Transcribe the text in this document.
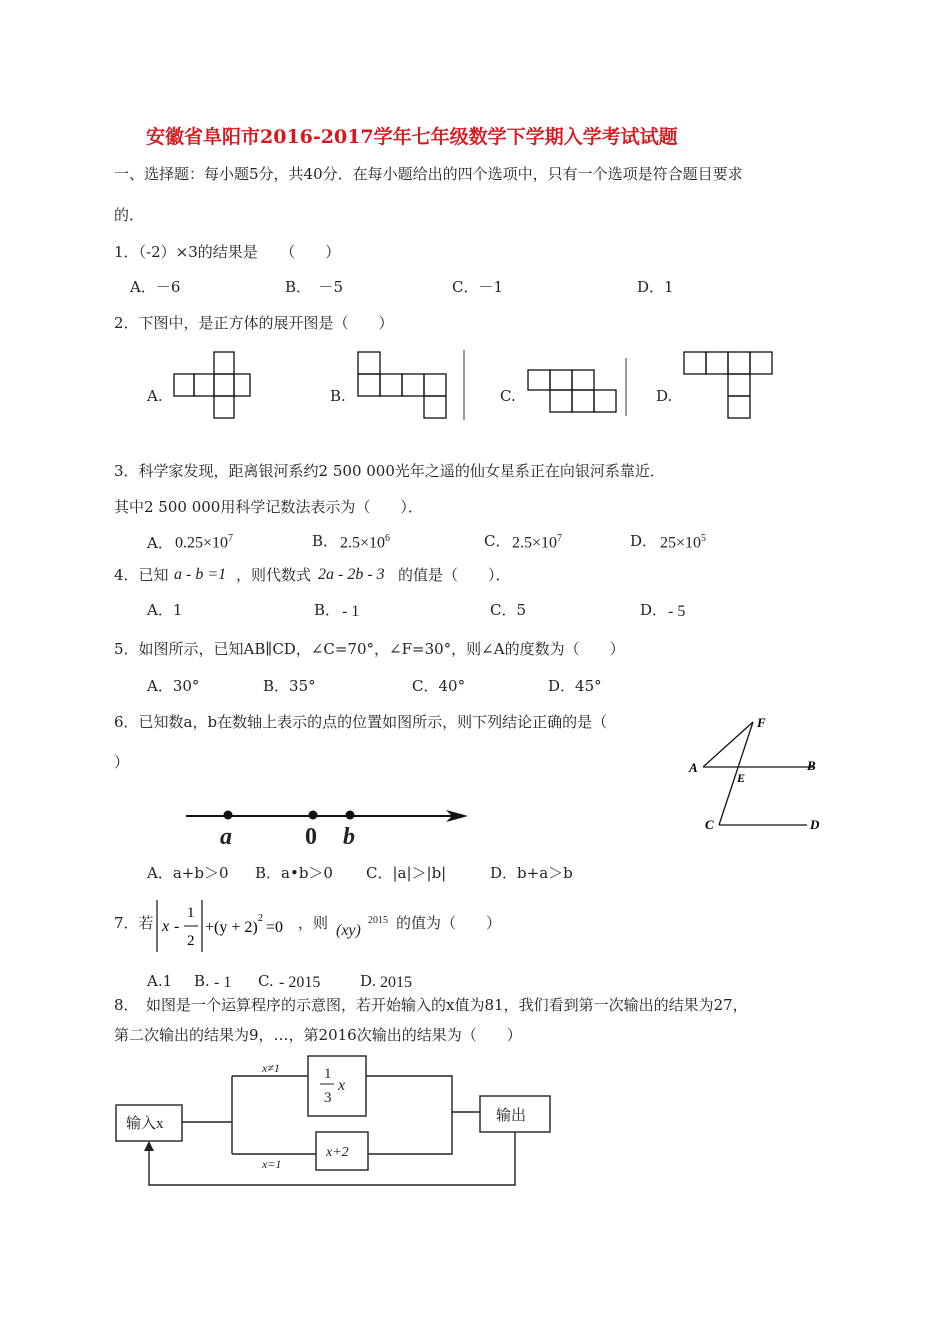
安徽省阜阳市2016-2017学年七年级数学下学期入学考试试题
一、选择题：每小题5分，共40分．在每小题给出的四个选项中，只有一个选项是符合题目要求
的．
1．（-2）×3的结果是　　（　　）
A．－6	B．　－5	C．－1	D．1
2．下图中，是正方体的展开图是（　　）
A.	B.	C.	D.
3．科学家发现，距离银河系约2 500 000光年之遥的仙女星系正在向银河系靠近．
其中2 500 000用科学记数法表示为（　　）．
A． $0.25\times 10^7$	B． $2.5\times 10^6$	C． $2.5\times 10^7$	D． $25\times 10^5$
4．已知 a - b =1 ，则代数式 2a - 2b - 3 的值是（　　）．
A．1	B． - 1	C．5	D． - 5
5．如图所示，已知AB∥CD，∠C=70°，∠F=30°，则∠A的度数为（　　）
A．30°	B．35°	C．40°	D．45°
6．已知数a，b在数轴上表示的点的位置如图所示，则下列结论正确的是（
）
F
A
E
B
C	D
a	0 b
A．a+b＞0 B．a•b＞0 C．|a|＞|b|	D．b+a＞b
7．若 x -
1
2
+(y + 2)
2
=0 ，则 (xy)
2015 的值为（　　）
A.1 B. - 1 C. - 2015	D. 2015
8．　如图是一个运算程序的示意图，若开始输入的x值为81，我们看到第一次输出的结果为27，
第二次输出的结果为9，…，第2016次输出的结果为（　　）
输入x	输出
x≠1
x=1
1
3
x
x+2
